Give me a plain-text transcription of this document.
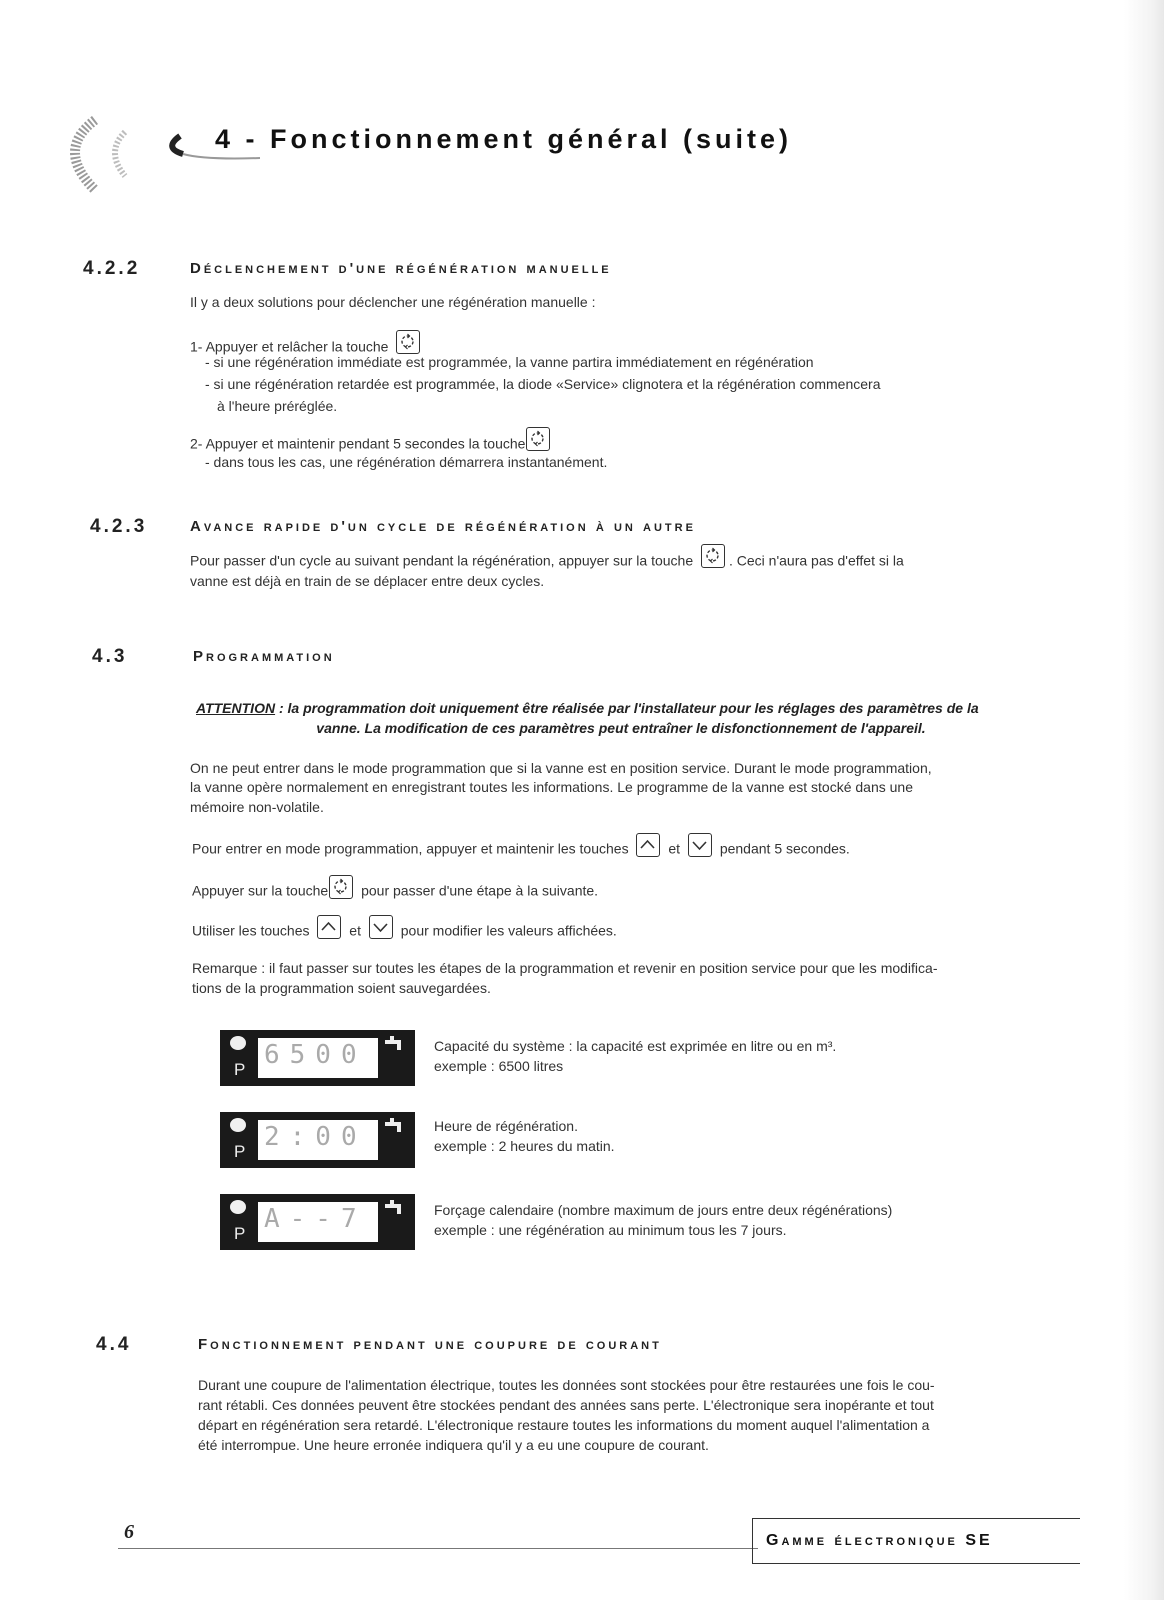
4 - Fonctionnement général (suite)
4.2.2	Déclenchement d'une régénération manuelle
Il y a deux solutions pour déclencher une régénération manuelle :
1- Appuyer et relâcher la touche
- si une régénération immédiate est programmée, la vanne partira immédiatement en régénération
- si une régénération retardée est programmée, la diode «Service» clignotera et la régénération commencera
à l'heure préréglée.
2- Appuyer et maintenir pendant 5 secondes la touche
- dans tous les cas, une régénération démarrera instantanément.
4.2.3	Avance rapide d'un cycle de régénération à un autre
Pour passer d'un cycle au suivant pendant la régénération, appuyer sur la touche	. Ceci n'aura pas d'effet si la
vanne est déjà en train de se déplacer entre deux cycles.
4.3	Programmation
ATTENTION : la programmation doit uniquement être réalisée par l'installateur pour les réglages des paramètres de la
vanne. La modification de ces paramètres peut entraîner le disfonctionnement de l'appareil.
On ne peut entrer dans le mode programmation que si la vanne est en position service. Durant le mode programmation,
la vanne opère normalement en enregistrant toutes les informations. Le programme de la vanne est stocké dans une
mémoire non-volatile.
Pour entrer en mode programmation, appuyer et maintenir les touches	et	pendant 5 secondes.
Appuyer sur la touche pour passer d'une étape à la suivante.
Utiliser les touches	et	pour modifier les valeurs affichées.
Remarque : il faut passer sur toutes les étapes de la programmation et revenir en position service pour que les modifica-
tions de la programmation soient sauvegardées.
P 6500	Capacité du système : la capacité est exprimée en litre ou en m³.
exemple : 6500 litres
P 2:00	Heure de régénération.
exemple : 2 heures du matin.
P A--7	Forçage calendaire (nombre maximum de jours entre deux régénérations)
exemple : une régénération au minimum tous les 7 jours.
4.4	Fonctionnement pendant une coupure de courant
Durant une coupure de l'alimentation électrique, toutes les données sont stockées pour être restaurées une fois le cou-
rant rétabli. Ces données peuvent être stockées pendant des années sans perte. L'électronique sera inopérante et tout
départ en régénération sera retardé. L'électronique restaure toutes les informations du moment auquel l'alimentation a
été interrompue. Une heure erronée indiquera qu'il y a eu une coupure de courant.
6	Gamme électronique SE
